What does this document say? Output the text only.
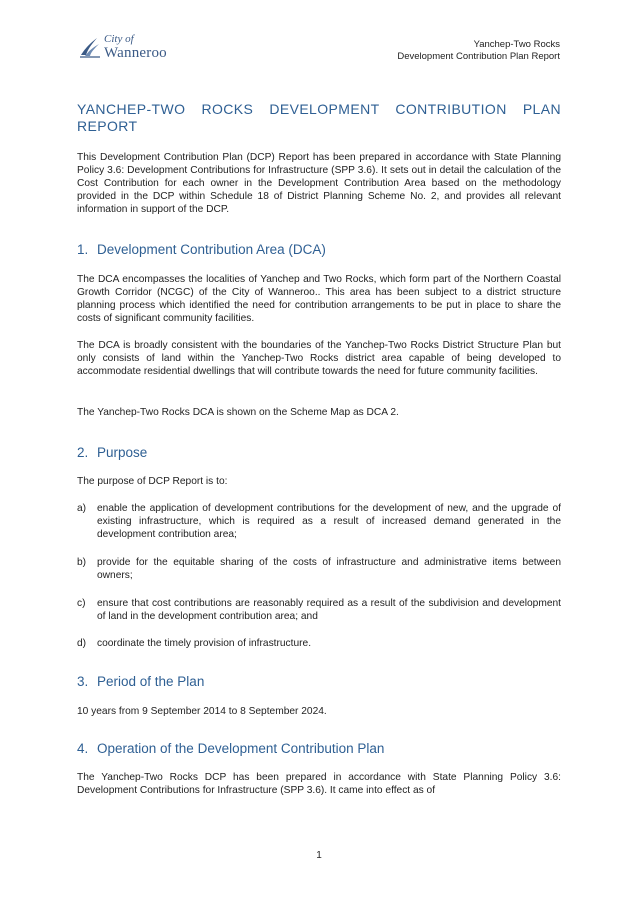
City of
Wanneroo
Yanchep-Two Rocks
Development Contribution Plan Report
YANCHEP-TWO ROCKS DEVELOPMENT CONTRIBUTION PLAN REPORT

This Development Contribution Plan (DCP) Report has been prepared in accordance with State Planning Policy 3.6: Development Contributions for Infrastructure (SPP 3.6). It sets out in detail the calculation of the Cost Contribution for each owner in the Development Contribution Area based on the methodology provided in the DCP within Schedule 18 of District Planning Scheme No. 2, and provides all relevant information in support of the DCP.

1. Development Contribution Area (DCA)

The DCA encompasses the localities of Yanchep and Two Rocks, which form part of the Northern Coastal Growth Corridor (NCGC) of the City of Wanneroo.. This area has been subject to a district structure planning process which identified the need for contribution arrangements to be put in place to share the costs of significant community facilities.

The DCA is broadly consistent with the boundaries of the Yanchep-Two Rocks District Structure Plan but only consists of land within the Yanchep-Two Rocks district area capable of being developed to accommodate residential dwellings that will contribute towards the need for future community facilities.

The Yanchep-Two Rocks DCA is shown on the Scheme Map as DCA 2.

2. Purpose

The purpose of DCP Report is to:

a) enable the application of development contributions for the development of new, and the upgrade of existing infrastructure, which is required as a result of increased demand generated in the development contribution area;
b) provide for the equitable sharing of the costs of infrastructure and administrative items between owners;
c) ensure that cost contributions are reasonably required as a result of the subdivision and development of land in the development contribution area; and
d) coordinate the timely provision of infrastructure.
3. Period of the Plan

10 years from 9 September 2014 to 8 September 2024.

4. Operation of the Development Contribution Plan

The Yanchep-Two Rocks DCP has been prepared in accordance with State Planning Policy 3.6: Development Contributions for Infrastructure (SPP 3.6). It came into effect as of

1
